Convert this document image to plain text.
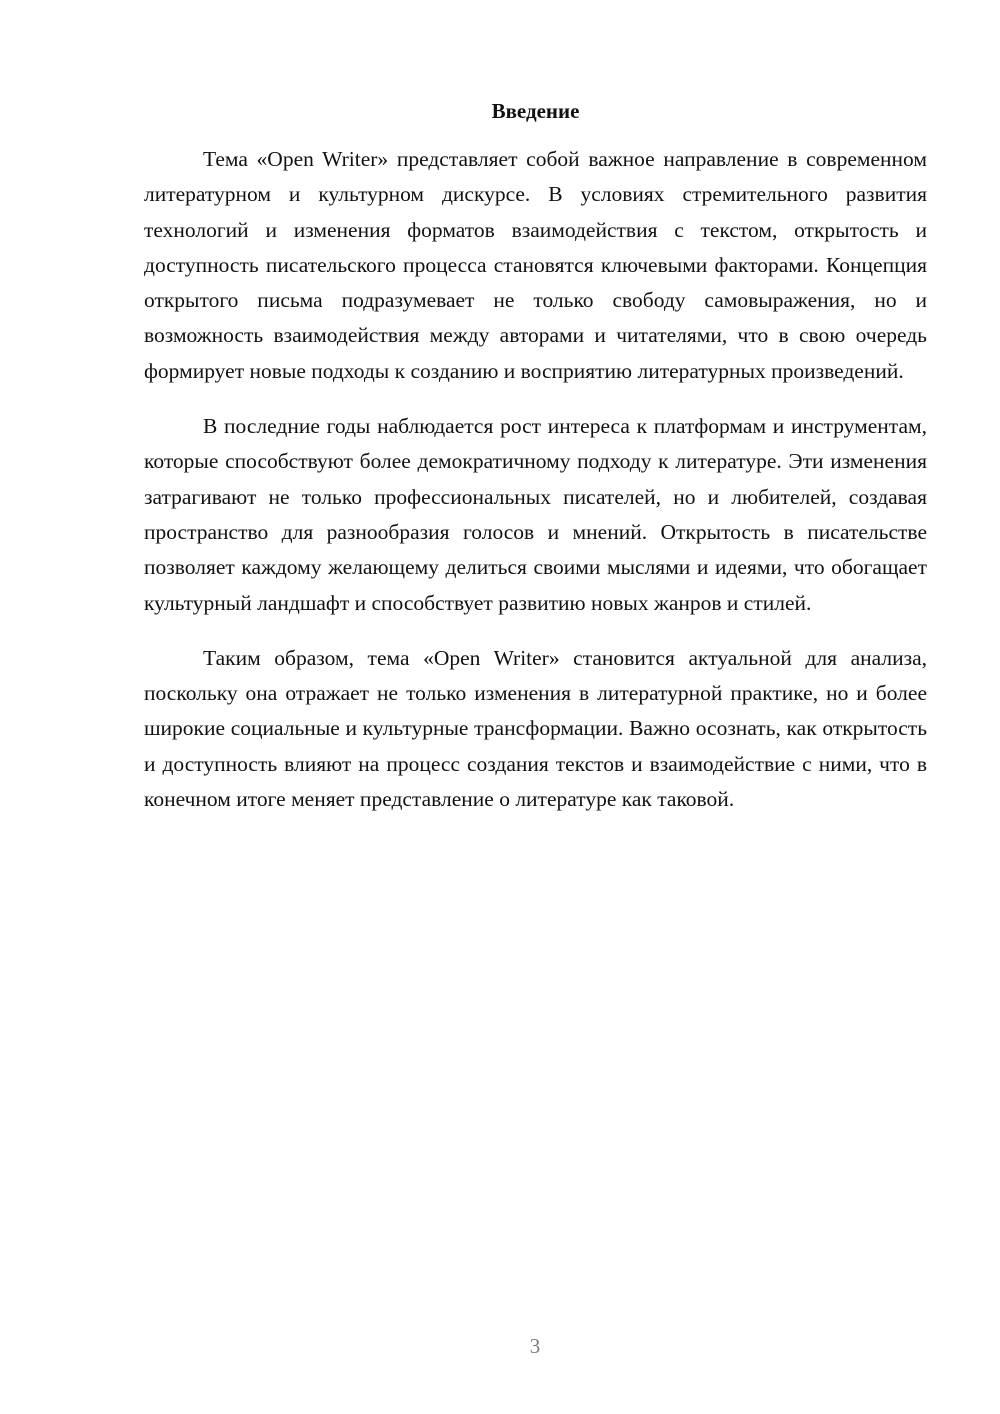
Введение

Тема «Open Writer» представляет собой важное направление в современном литературном и культурном дискурсе. В условиях стремительного развития технологий и изменения форматов взаимодействия с текстом, открытость и доступность писательского процесса становятся ключевыми факторами. Концепция открытого письма подразумевает не только свободу самовыражения, но и возможность взаимодействия между авторами и читателями, что в свою очередь формирует новые подходы к созданию и восприятию литературных произведений.

В последние годы наблюдается рост интереса к платформам и инструментам, которые способствуют более демократичному подходу к литературе. Эти изменения затрагивают не только профессиональных писателей, но и любителей, создавая пространство для разнообразия голосов и мнений. Открытость в писательстве позволяет каждому желающему делиться своими мыслями и идеями, что обогащает культурный ландшафт и способствует развитию новых жанров и стилей.

Таким образом, тема «Open Writer» становится актуальной для анализа, поскольку она отражает не только изменения в литературной практике, но и более широкие социальные и культурные трансформации. Важно осознать, как открытость и доступность влияют на процесс создания текстов и взаимодействие с ними, что в конечном итоге меняет представление о литературе как таковой.

3
